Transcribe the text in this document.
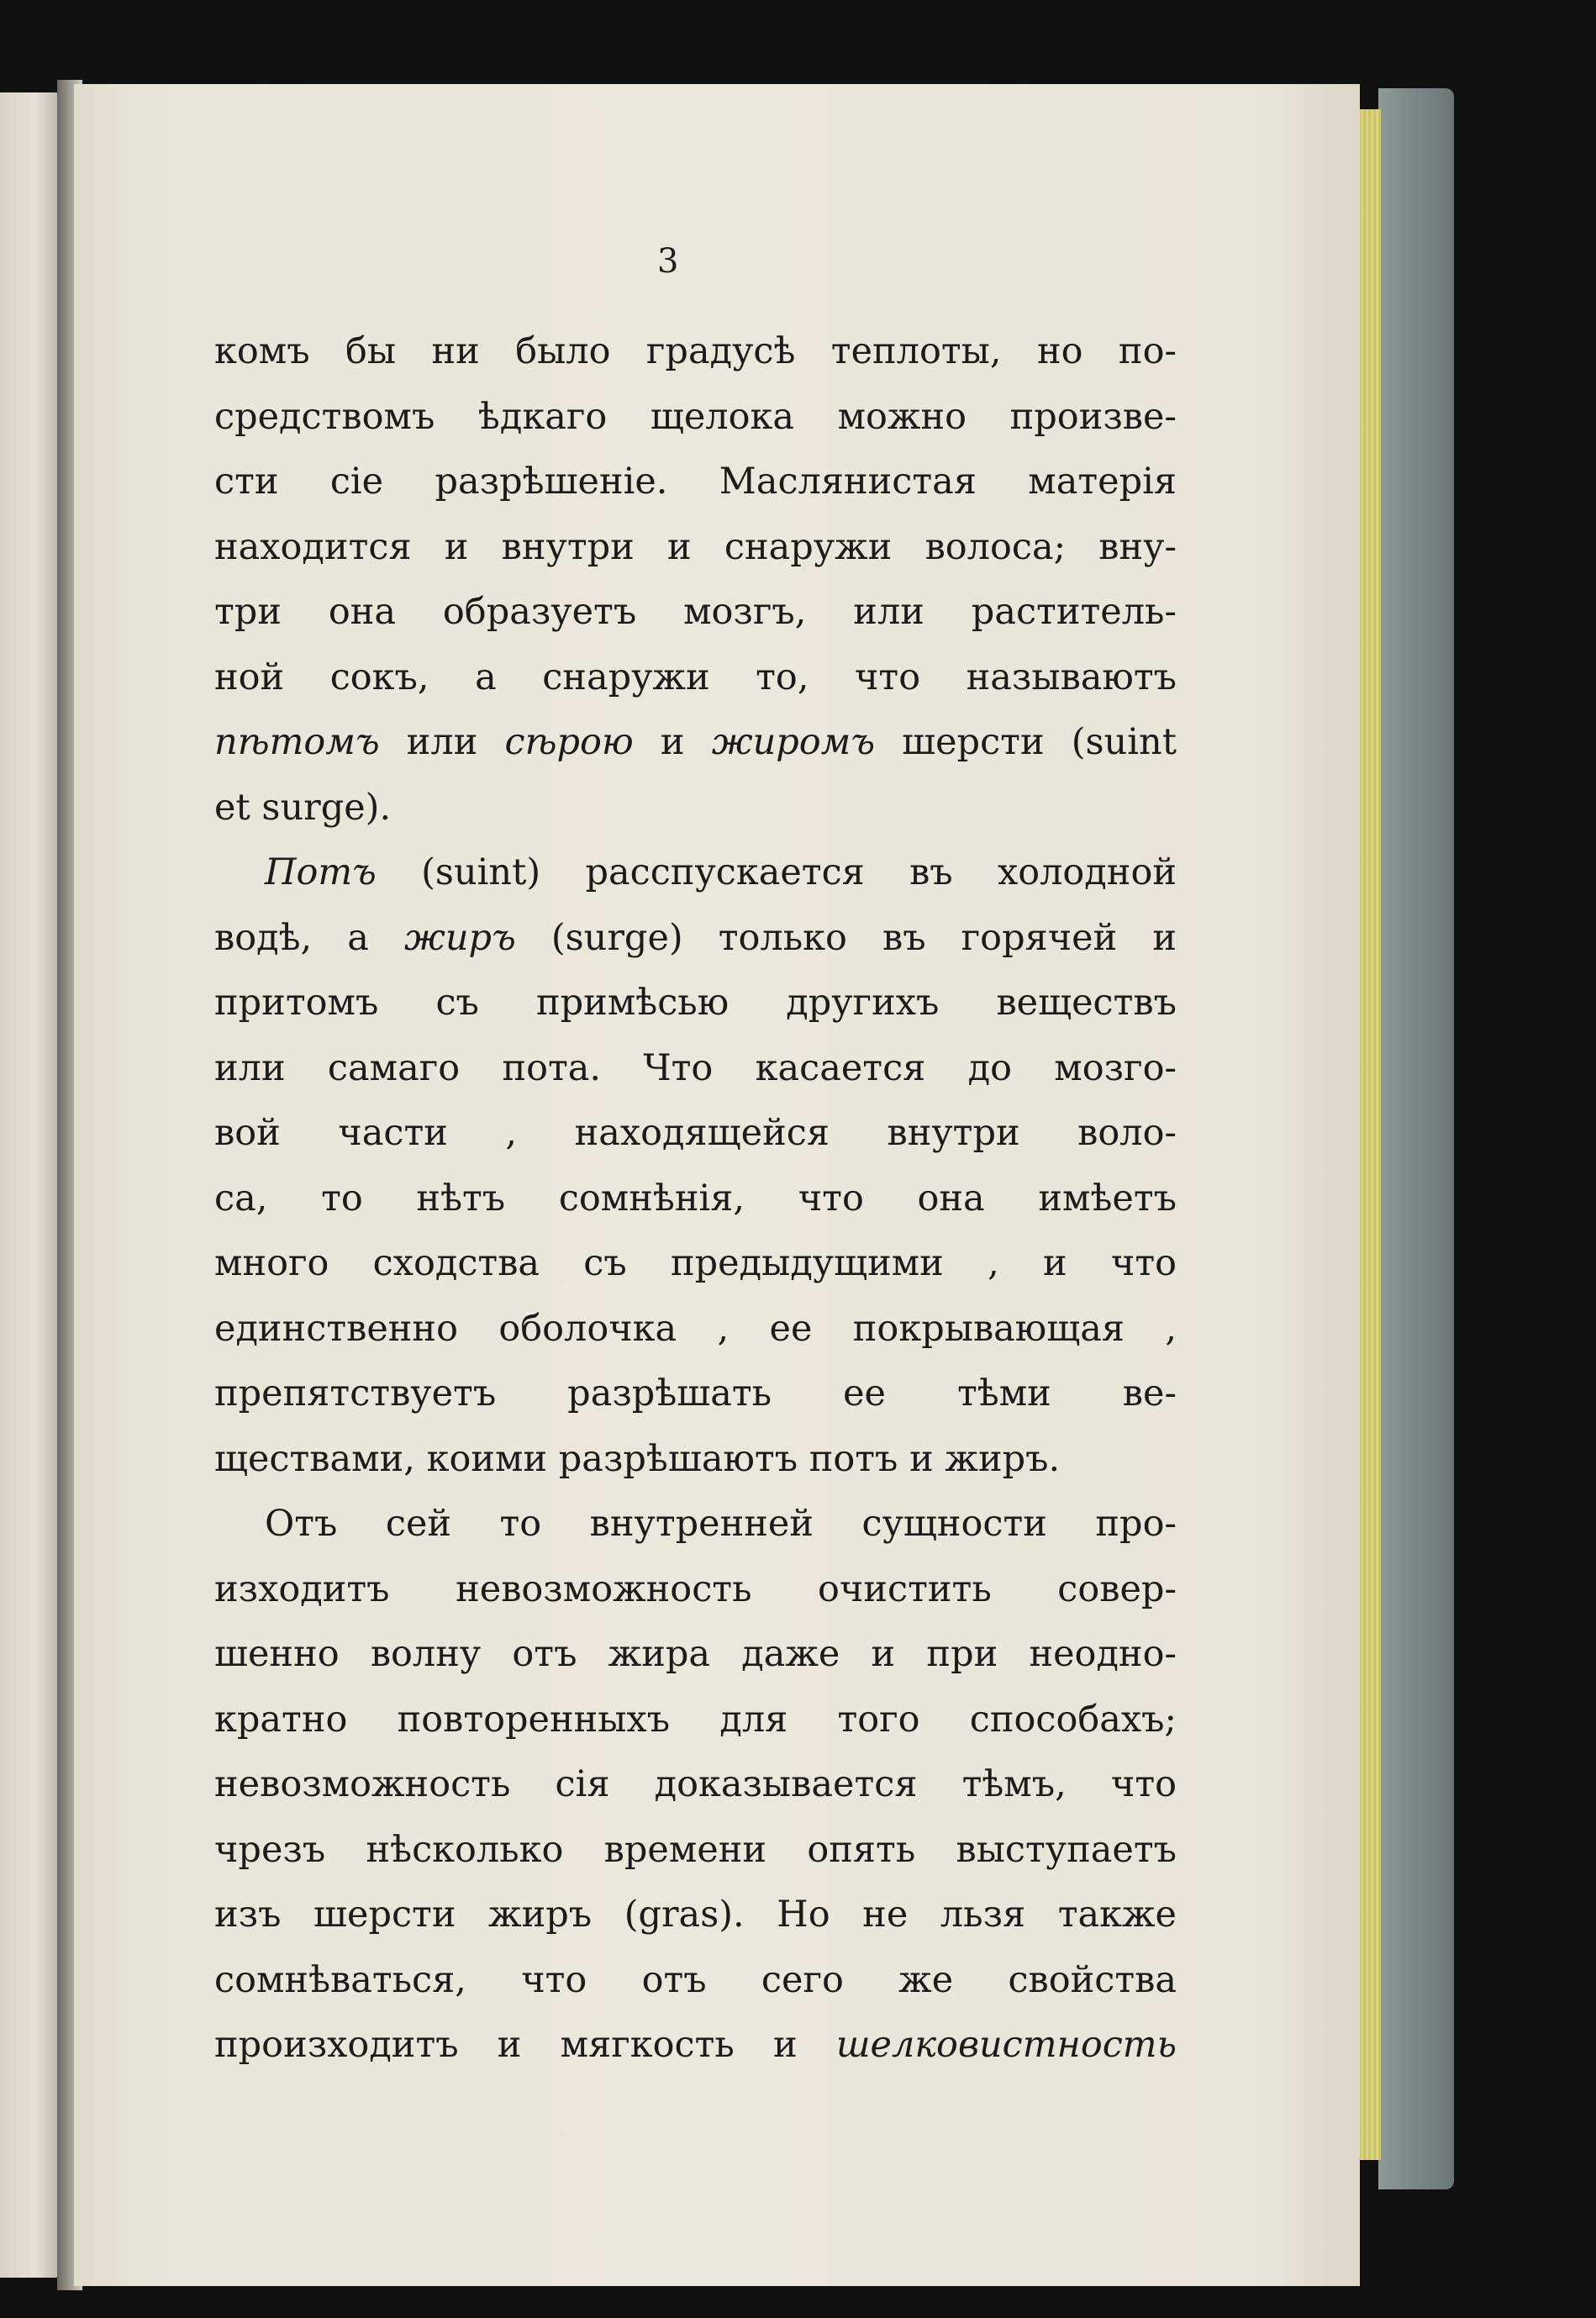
3
комъ бы ни было градусѣ теплоты, но по-
средствомъ ѣдкаго щелока можно произве-
сти сіе разрѣшеніе. Маслянистая матерія
находится и внутри и снаружи волоса; вну-
три она образуетъ мозгъ, или раститель-
ной сокъ, а снаружи то, что называютъ
пѣтомъ или сѣрою и жиромъ шерсти (suint
et surge).
Потъ (suint) расспускается въ холодной
водѣ, а жиръ (surge) только въ горячей и
притомъ съ примѣсью другихъ веществъ
или самаго пота. Что касается до мозго-
вой части , находящейся внутри воло-
са, то нѣтъ сомнѣнія, что она имѣетъ
много сходства съ предыдущими , и что
единственно оболочка , ее покрывающая ,
препятствуетъ разрѣшать ее тѣми ве-
ществами, коими разрѣшаютъ потъ и жиръ.
Отъ сей то внутренней сущности про-
изходитъ невозможность очистить совер-
шенно волну отъ жира даже и при неодно-
кратно повторенныхъ для того способахъ;
невозможность сія доказывается тѣмъ, что
чрезъ нѣсколько времени опять выступаетъ
изъ шерсти жиръ (gras). Но не льзя также
сомнѣваться, что отъ сего же свойства
произходитъ и мягкость и шелковистность
